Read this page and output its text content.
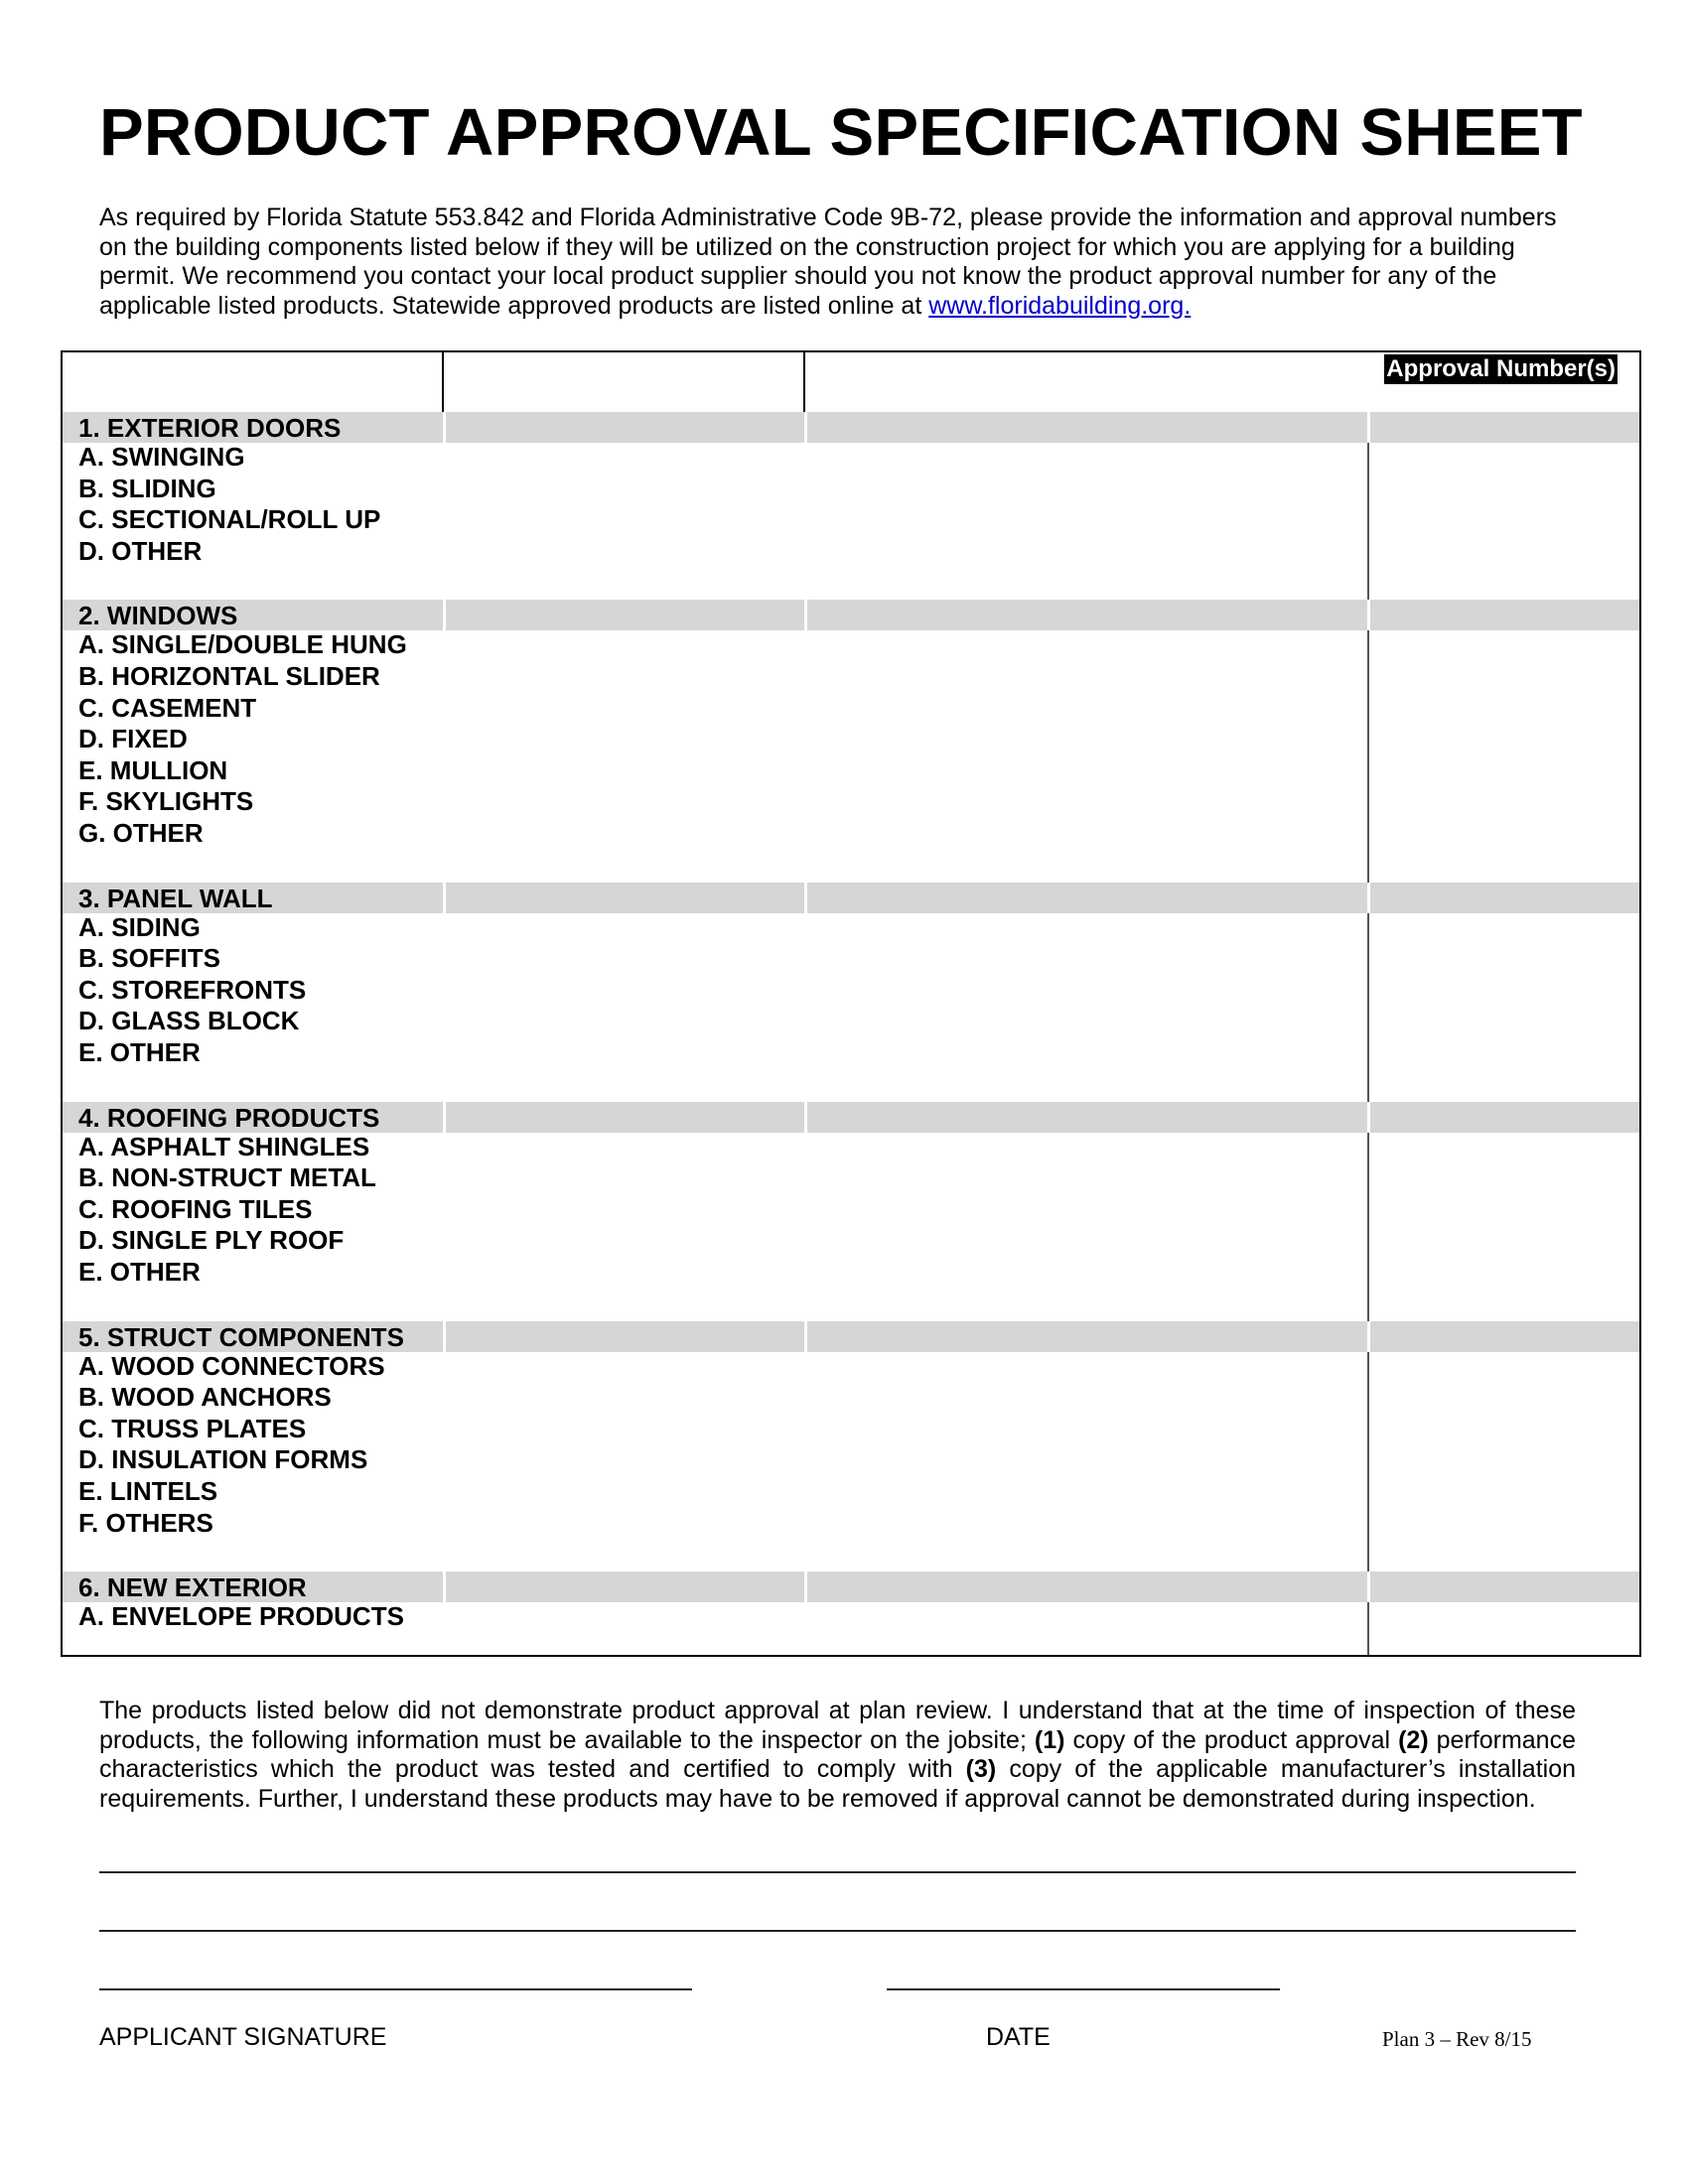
PRODUCT APPROVAL SPECIFICATION SHEET

As required by Florida Statute 553.842 and Florida Administrative Code 9B-72, please provide the information and approval numbers on the building components listed below if they will be utilized on the construction project for which you are applying for a building permit. We recommend you contact your local product supplier should you not know the product approval number for any of the applicable listed products. Statewide approved products are listed online at www.floridabuilding.org.

Approval Number(s)
1. EXTERIOR DOORS
A. SWINGING
B. SLIDING
C. SECTIONAL/ROLL UP
D. OTHER
2. WINDOWS
A. SINGLE/DOUBLE HUNG
B. HORIZONTAL SLIDER
C. CASEMENT
D. FIXED
E. MULLION
F. SKYLIGHTS
G. OTHER
3. PANEL WALL
A. SIDING
B. SOFFITS
C. STOREFRONTS
D. GLASS BLOCK
E. OTHER
4. ROOFING PRODUCTS
A. ASPHALT SHINGLES
B. NON-STRUCT METAL
C. ROOFING TILES
D. SINGLE PLY ROOF
E. OTHER
5. STRUCT COMPONENTS
A. WOOD CONNECTORS
B. WOOD ANCHORS
C. TRUSS PLATES
D. INSULATION FORMS
E. LINTELS
F. OTHERS
6. NEW EXTERIOR
A. ENVELOPE PRODUCTS

The products listed below did not demonstrate product approval at plan review. I understand that at the time of inspection of these products, the following information must be available to the inspector on the jobsite; (1) copy of the product approval (2) performance characteristics which the product was tested and certified to comply with (3) copy of the applicable manufacturer’s installation requirements. Further, I understand these products may have to be removed if approval cannot be demonstrated during inspection.

APPLICANT SIGNATURE	DATE	Plan 3 – Rev 8/15
